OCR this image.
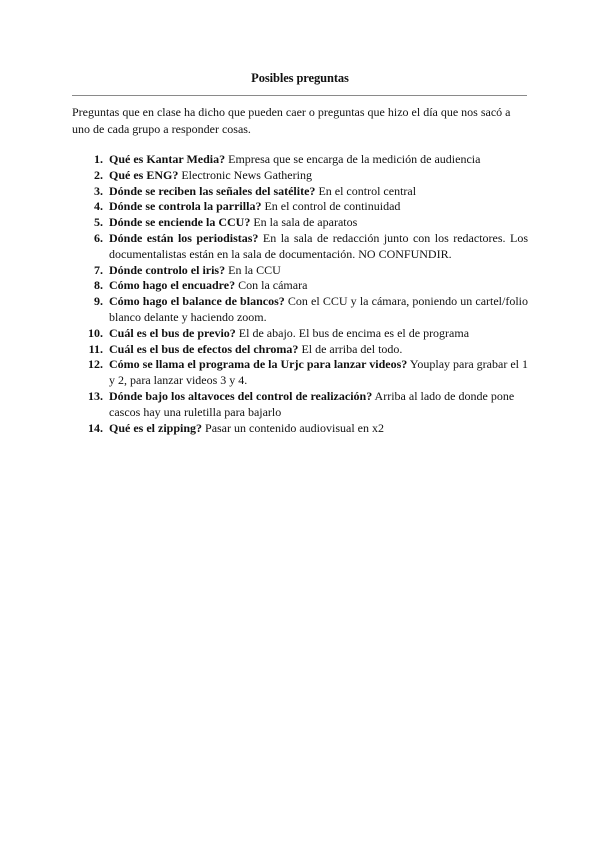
Posibles preguntas
Preguntas que en clase ha dicho que pueden caer o preguntas que hizo el día que nos sacó a uno de cada grupo a responder cosas.
1. Qué es Kantar Media? Empresa que se encarga de la medición de audiencia
2. Qué es ENG? Electronic News Gathering
3. Dónde se reciben las señales del satélite? En el control central
4. Dónde se controla la parrilla? En el control de continuidad
5. Dónde se enciende la CCU? En la sala de aparatos
6. Dónde están los periodistas? En la sala de redacción junto con los redactores. Los documentalistas están en la sala de documentación. NO CONFUNDIR.
7. Dónde controlo el iris? En la CCU
8. Cómo hago el encuadre? Con la cámara
9. Cómo hago el balance de blancos? Con el CCU y la cámara, poniendo un cartel/folio blanco delante y haciendo zoom.
10. Cuál es el bus de previo? El de abajo. El bus de encima es el de programa
11. Cuál es el bus de efectos del chroma? El de arriba del todo.
12. Cómo se llama el programa de la Urjc para lanzar videos? Youplay para grabar el 1 y 2, para lanzar videos 3 y 4.
13. Dónde bajo los altavoces del control de realización? Arriba al lado de donde pone cascos hay una ruletilla para bajarlo
14. Qué es el zipping? Pasar un contenido audiovisual en x2
